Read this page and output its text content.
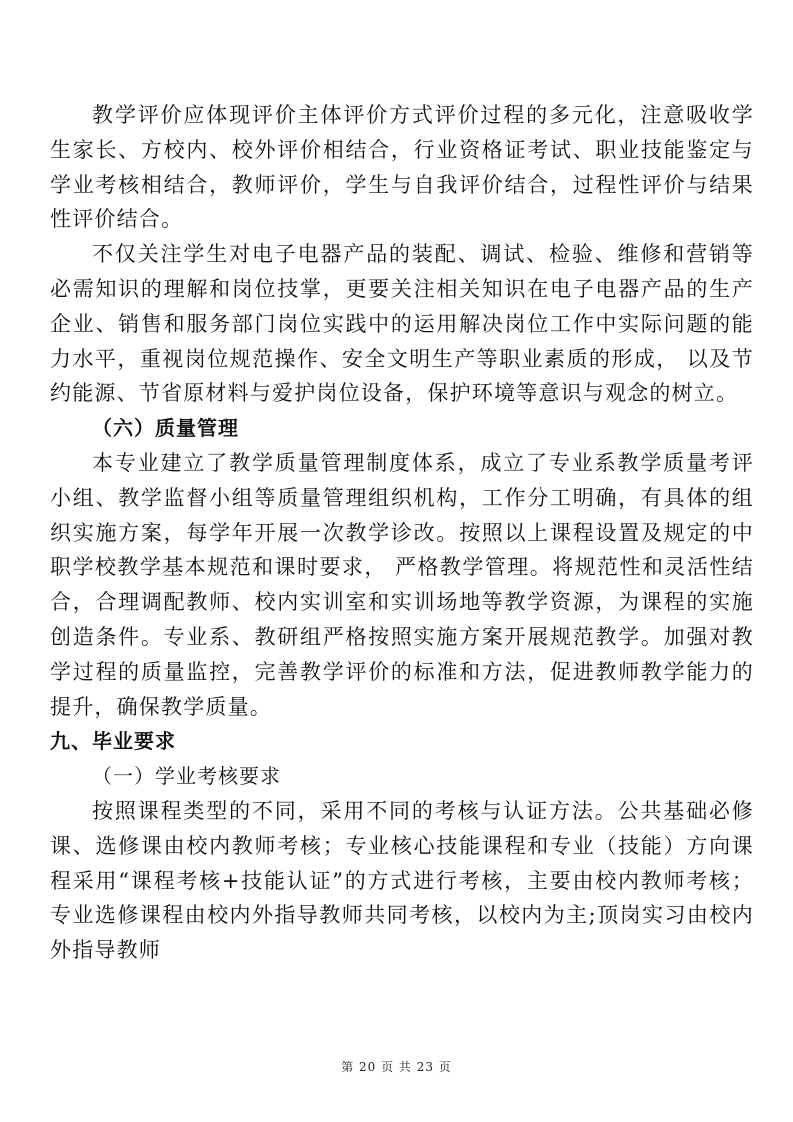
教学评价应体现评价主体评价方式评价过程的多元化，注意吸收学生家长、方校内、校外评价相结合，行业资格证考试、职业技能鉴定与学业考核相结合，教师评价，学生与自我评价结合，过程性评价与结果性评价结合。

不仅关注学生对电子电器产品的装配、调试、检验、维修和营销等必需知识的理解和岗位技掌，更要关注相关知识在电子电器产品的生产企业、销售和服务部门岗位实践中的运用解决岗位工作中实际问题的能力水平，重视岗位规范操作、安全文明生产等职业素质的形成， 以及节约能源、节省原材料与爱护岗位设备，保护环境等意识与观念的树立。

（六）质量管理

本专业建立了教学质量管理制度体系，成立了专业系教学质量考评小组、教学监督小组等质量管理组织机构，工作分工明确，有具体的组织实施方案，每学年开展一次教学诊改。按照以上课程设置及规定的中职学校教学基本规范和课时要求， 严格教学管理。将规范性和灵活性结合，合理调配教师、校内实训室和实训场地等教学资源，为课程的实施创造条件。专业系、教研组严格按照实施方案开展规范教学。加强对教学过程的质量监控，完善教学评价的标准和方法，促进教师教学能力的提升，确保教学质量。

九、毕业要求

（一）学业考核要求

按照课程类型的不同，采用不同的考核与认证方法。公共基础必修课、选修课由校内教师考核；专业核心技能课程和专业（技能）方向课程采用“课程考核+技能认证”的方式进行考核，主要由校内教师考核；专业选修课程由校内外指导教师共同考核，以校内为主;顶岗实习由校内外指导教师

第 20 页 共 23 页
